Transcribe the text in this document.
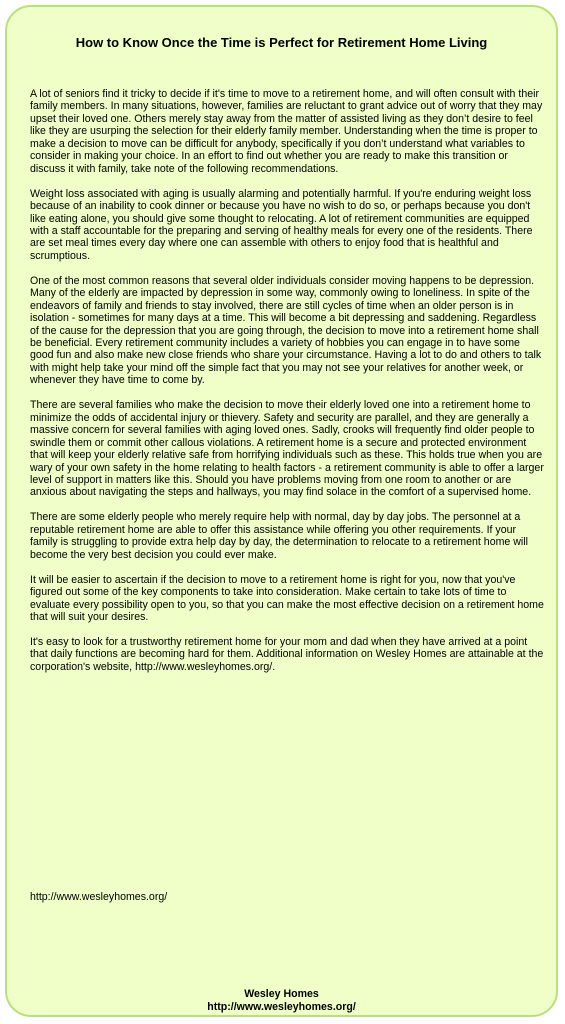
How to Know Once the Time is Perfect for Retirement Home Living

A lot of seniors find it tricky to decide if it's time to move to a retirement home, and will often consult with their family members. In many situations, however, families are reluctant to grant advice out of worry that they may upset their loved one. Others merely stay away from the matter of assisted living as they don’t desire to feel like they are usurping the selection for their elderly family member. Understanding when the time is proper to make a decision to move can be difficult for anybody, specifically if you don’t understand what variables to consider in making your choice. In an effort to find out whether you are ready to make this transition or discuss it with family, take note of the following recommendations.

Weight loss associated with aging is usually alarming and potentially harmful. If you're enduring weight loss because of an inability to cook dinner or because you have no wish to do so, or perhaps because you don't like eating alone, you should give some thought to relocating. A lot of retirement communities are equipped with a staff accountable for the preparing and serving of healthy meals for every one of the residents. There are set meal times every day where one can assemble with others to enjoy food that is healthful and scrumptious.

One of the most common reasons that several older individuals consider moving happens to be depression. Many of the elderly are impacted by depression in some way, commonly owing to loneliness. In spite of the endeavors of family and friends to stay involved, there are still cycles of time when an older person is in isolation - sometimes for many days at a time. This will become a bit depressing and saddening. Regardless of the cause for the depression that you are going through, the decision to move into a retirement home shall be beneficial. Every retirement community includes a variety of hobbies you can engage in to have some good fun and also make new close friends who share your circumstance. Having a lot to do and others to talk with might help take your mind off the simple fact that you may not see your relatives for another week, or whenever they have time to come by.

There are several families who make the decision to move their elderly loved one into a retirement home to minimize the odds of accidental injury or thievery. Safety and security are parallel, and they are generally a massive concern for several families with aging loved ones. Sadly, crooks will frequently find older people to swindle them or commit other callous violations. A retirement home is a secure and protected environment that will keep your elderly relative safe from horrifying individuals such as these. This holds true when you are wary of your own safety in the home relating to health factors - a retirement community is able to offer a larger level of support in matters like this. Should you have problems moving from one room to another or are anxious about navigating the steps and hallways, you may find solace in the comfort of a supervised home.

There are some elderly people who merely require help with normal, day by day jobs. The personnel at a reputable retirement home are able to offer this assistance while offering you other requirements. If your family is struggling to provide extra help day by day, the determination to relocate to a retirement home will become the very best decision you could ever make.

It will be easier to ascertain if the decision to move to a retirement home is right for you, now that you've figured out some of the key components to take into consideration. Make certain to take lots of time to evaluate every possibility open to you, so that you can make the most effective decision on a retirement home that will suit your desires.

It's easy to look for a trustworthy retirement home for your mom and dad when they have arrived at a point that daily functions are becoming hard for them. Additional information on Wesley Homes are attainable at the corporation's website, http://www.wesleyhomes.org/.

http://www.wesleyhomes.org/
Wesley Homes
http://www.wesleyhomes.org/
